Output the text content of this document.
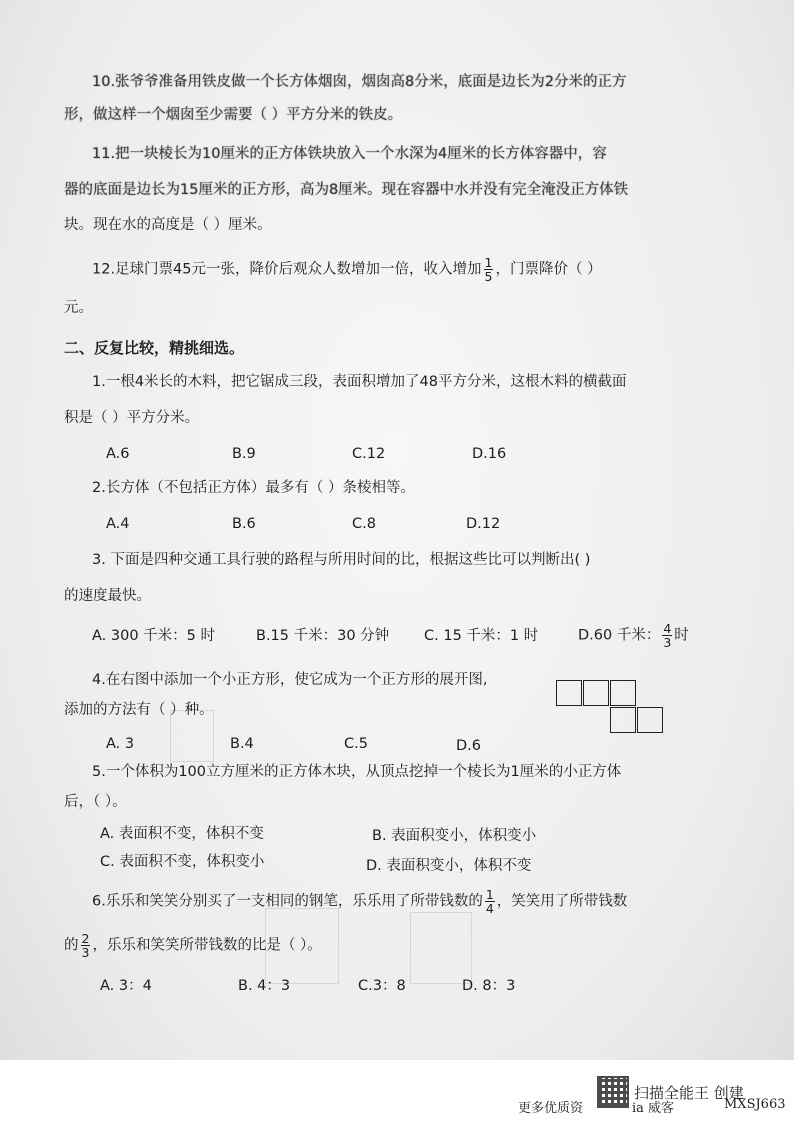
10.张爷爷准备用铁皮做一个长方体烟囱，烟囱高8分米，底面是边长为2分米的正方
形，做这样一个烟囱至少需要（ ）平方分米的铁皮。
11.把一块棱长为10厘米的正方体铁块放入一个水深为4厘米的长方体容器中，容
器的底面是边长为15厘米的正方形，高为8厘米。现在容器中水并没有完全淹没正方体铁
块。现在水的高度是（ ）厘米。
12.足球门票45元一张，降价后观众人数增加一倍，收入增加 $\frac{1}{5}$ ，门票降价（ ）
元。
二、反复比较，精挑细选。
1.一根4米长的木料，把它锯成三段，表面积增加了48平方分米，这根木料的横截面
积是（ ）平方分米。
A.6	B.9	C.12	D.16
2.长方体（不包括正方体）最多有（ ）条棱相等。
A.4	B.6	C.8	D.12
3. 下面是四种交通工具行驶的路程与所用时间的比，根据这些比可以判断出( )
的速度最快。
A. 300 千米：5 时	B.15 千米：30 分钟 C. 15 千米：1 时	D.60 千米： $\frac{4}{3}$ 时
4.在右图中添加一个小正方形，使它成为一个正方形的展开图,
添加的方法有（ ）种。
A. 3	B.4	C.5	D.6
5.一个体积为100立方厘米的正方体木块，从顶点挖掉一个棱长为1厘米的小正方体
后，（ ）。
A. 表面积不变，体积不变	B. 表面积变小，体积变小
C. 表面积不变，体积变小	D. 表面积变小，体积不变
6.乐乐和笑笑分别买了一支相同的钢笔，乐乐用了所带钱数的 $\frac{1}{4}$ ，笑笑用了所带钱数
的 $\frac{2}{3}$ ，乐乐和笑笑所带钱数的比是（ ）。
A. 3：4	B. 4：3	C.3：8	D. 8：3
扫描全能王 创建
更多优质资	ia 威客	MXSJ663
